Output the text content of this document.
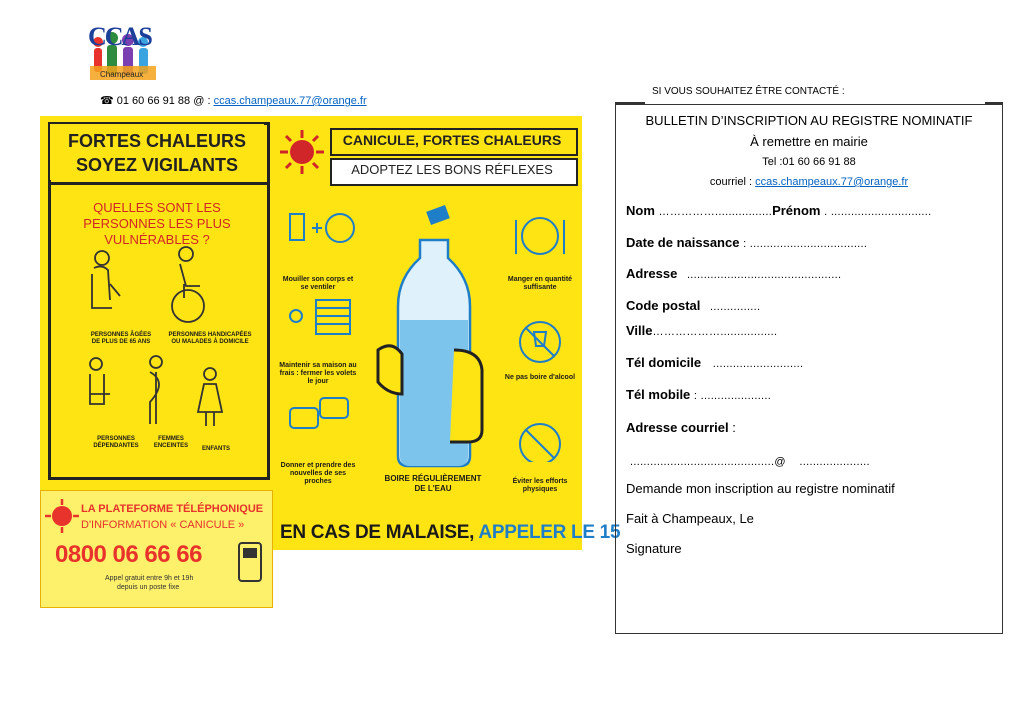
CCAS
Champeaux
☎ 01 60 66 91 88 @ : ccas.champeaux.77@orange.fr
FORTES CHALEURS
SOYEZ VIGILANTS
QUELLES SONT LES PERSONNES LES PLUS VULNÉRABLES ?
PERSONNES ÂGÉES DE PLUS DE 65 ANS
PERSONNES HANDICAPÉES OU MALADES À DOMICILE
PERSONNES DÉPENDANTES
FEMMES ENCEINTES	ENFANTS
CANICULE, FORTES CHALEURS
ADOPTEZ LES BONS RÉFLEXES
Mouiller son corps et se ventiler
Maintenir sa maison au frais : fermer les volets le jour
Donner et prendre des nouvelles de ses proches	BOIRE RÉGULIÈREMENT DE L'EAU
Manger en quantité suffisante
Ne pas boire d'alcool
Éviter les efforts physiques
LA PLATEFORME TÉLÉPHONIQUE
D'INFORMATION « CANICULE »
0800 06 66 66
Appel gratuit entre 9h et 19h
depuis un poste fixe
EN CAS DE MALAISE, APPELER LE 15
SI VOUS SOUHAITEZ ÊTRE CONTACTÉ :
BULLETIN D’INSCRIPTION AU REGISTRE NOMINATIF
À remettre en mairie
Tel :01 60 66 91 88
courriel : ccas.champeaux.77@orange.fr
Nom …………….................Prénom . ..............................
Date de naissance : ...................................
Adresse ..............................................
Code postal ...............
Ville……………….................
Tél domicile ...........................
Tél mobile : .....................
Adresse courriel :
...........................................@ .....................
Demande mon inscription au registre nominatif
Fait à Champeaux, Le
Signature
